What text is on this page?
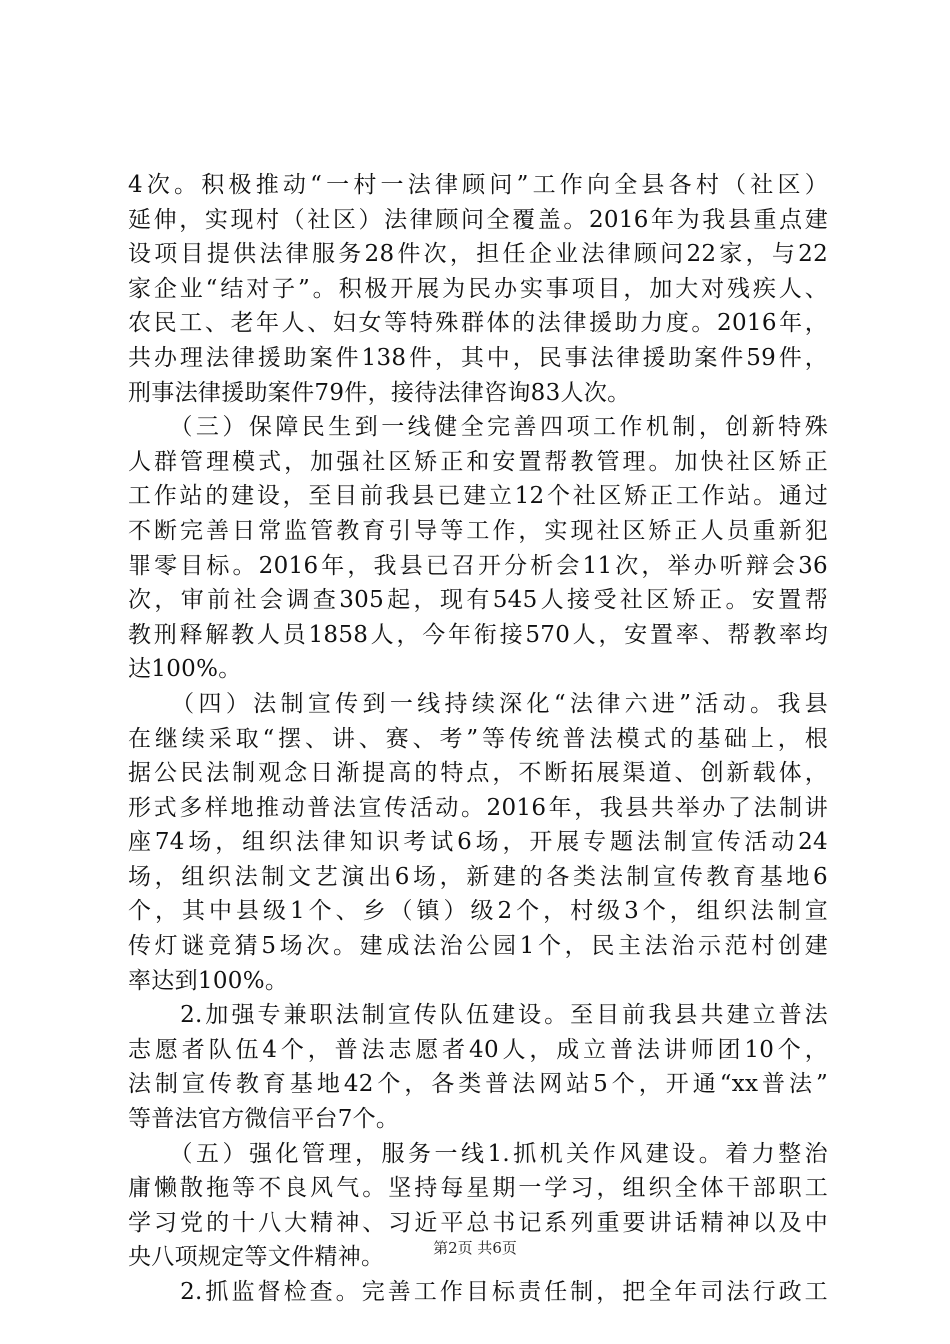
4次。积极推动“一村一法律顾问”工作向全县各村（社区）
延伸，实现村（社区）法律顾问全覆盖。2016年为我县重点建
设项目提供法律服务28件次，担任企业法律顾问22家，与22
家企业“结对子”。积极开展为民办实事项目，加大对残疾人、
农民工、老年人、妇女等特殊群体的法律援助力度。2016年，
共办理法律援助案件138件，其中，民事法律援助案件59件，
刑事法律援助案件79件，接待法律咨询83人次。
　　（三）保障民生到一线健全完善四项工作机制，创新特殊
人群管理模式，加强社区矫正和安置帮教管理。加快社区矫正
工作站的建设，至目前我县已建立12个社区矫正工作站。通过
不断完善日常监管教育引导等工作，实现社区矫正人员重新犯
罪零目标。2016年，我县已召开分析会11次，举办听辩会36
次，审前社会调查305起，现有545人接受社区矫正。安置帮
教刑释解教人员1858人，今年衔接570人，安置率、帮教率均
达100%。
　　（四）法制宣传到一线持续深化“法律六进”活动。我县
在继续采取“摆、讲、赛、考”等传统普法模式的基础上，根
据公民法制观念日渐提高的特点，不断拓展渠道、创新载体，
形式多样地推动普法宣传活动。2016年，我县共举办了法制讲
座74场，组织法律知识考试6场，开展专题法制宣传活动24
场，组织法制文艺演出6场，新建的各类法制宣传教育基地6
个，其中县级1个、乡（镇）级2个，村级3个，组织法制宣
传灯谜竞猜5场次。建成法治公园1个，民主法治示范村创建
率达到100%。
　　2.加强专兼职法制宣传队伍建设。至目前我县共建立普法
志愿者队伍4个，普法志愿者40人，成立普法讲师团10个，
法制宣传教育基地42个，各类普法网站5个，开通“xx普法”
等普法官方微信平台7个。
　　（五）强化管理，服务一线1.抓机关作风建设。着力整治
庸懒散拖等不良风气。坚持每星期一学习，组织全体干部职工
学习党的十八大精神、习近平总书记系列重要讲话精神以及中
央八项规定等文件精神。
　　2.抓监督检查。完善工作目标责任制，把全年司法行政工
第2页 共6页
